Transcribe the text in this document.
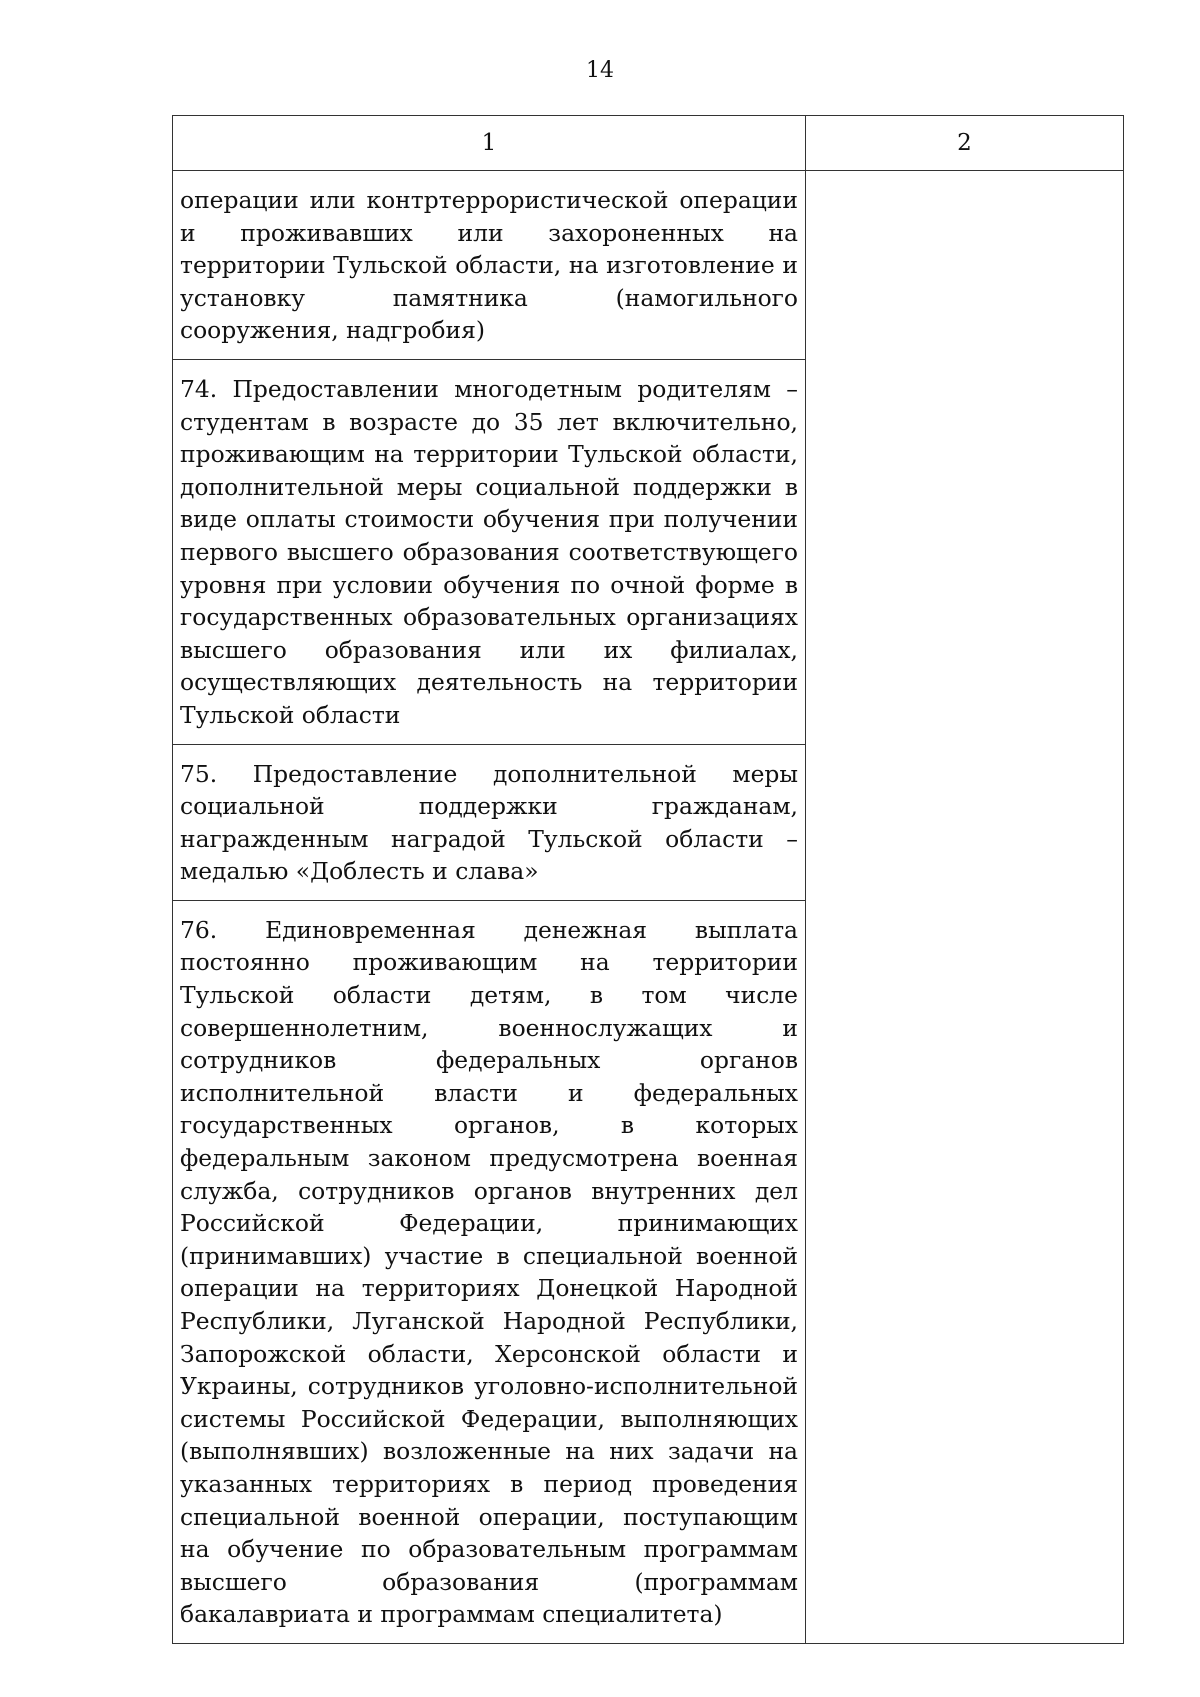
14
1	2

операции или контртеррористической операции и проживавших или захороненных на территории Тульской области, на изготовление и установку памятника (намогильного сооружения, надгробия)	

74. Предоставлении многодетным родителям – студентам в возрасте до 35 лет включительно, проживающим на территории Тульской области, дополнительной меры социальной поддержки в виде оплаты стоимости обучения при получении первого высшего образования соответствующего уровня при условии обучения по очной форме в государственных образовательных организациях высшего образования или их филиалах, осуществляющих деятельность на территории Тульской области	

75. Предоставление дополнительной меры социальной поддержки гражданам, награжденным наградой Тульской области – медалью «Доблесть и слава»	

76. Единовременная денежная выплата постоянно проживающим на территории Тульской области детям, в том числе совершеннолетним, военнослужащих и сотрудников федеральных органов исполнительной власти и федеральных государственных органов, в которых федеральным законом предусмотрена военная служба, сотрудников органов внутренних дел Российской Федерации, принимающих (принимавших) участие в специальной военной операции на территориях Донецкой Народной Республики, Луганской Народной Республики, Запорожской области, Херсонской области и Украины, сотрудников уголовно-исполнительной системы Российской Федерации, выполняющих (выполнявших) возложенные на них задачи на указанных территориях в период проведения специальной военной операции, поступающим на обучение по образовательным программам высшего образования (программам бакалавриата и программам специалитета)	
